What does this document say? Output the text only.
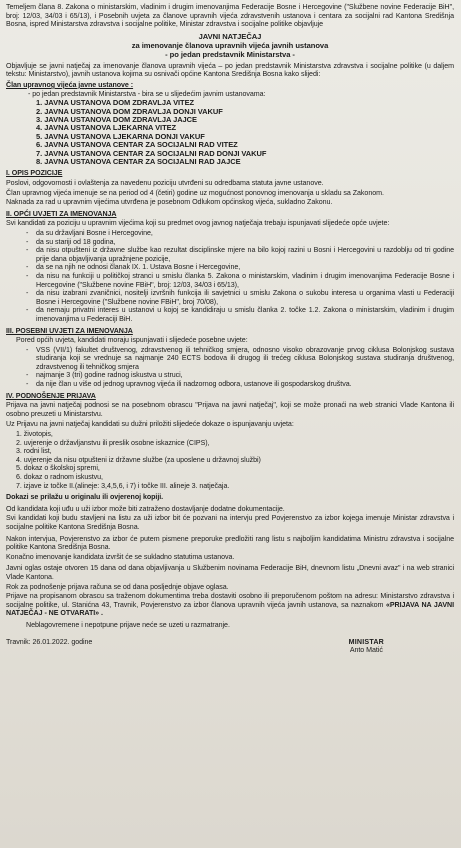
Temeljem člana 8. Zakona o ministarskim, vladinim i drugim imenovanjima Federacije Bosne i Hercegovine ("Službene novine Federacije BiH", broj: 12/03, 34/03 i 65/13), i Posebnih uvjeta za članove upravnih vijeća zdravstvenih ustanova i centara za socijalni rad Kantona Središnja Bosna, ispred Ministarstva zdravstva i socijalne politike, Ministar zdravstva i socijalne politike objavljuje
JAVNI NATJEČAJ
za imenovanje članova upravnih vijeća javnih ustanova
- po jedan predstavnik Ministarstva -
Objavljuje se javni natječaj za imenovanje članova upravnih vijeća – po jedan predstavnik Ministarstva zdravstva i socijalne politike (u daljem tekstu: Ministarstvo), javnih ustanova kojima su osnivači općine Kantona Središnja Bosna kako slijedi:
Član upravnog vijeća javne ustanove :
- po jedan predstavnik Ministarstva - bira se u slijedećim javnim ustanovama:
1. JAVNA USTANOVA DOM ZDRAVLJA VITEZ
2. JAVNA USTANOVA DOM ZDRAVLJA DONJI VAKUF
3. JAVNA USTANOVA DOM ZDRAVLJA JAJCE
4. JAVNA USTANOVA LJEKARNA VITEZ
5. JAVNA USTANOVA LJEKARNA DONJI VAKUF
6. JAVNA USTANOVA CENTAR ZA SOCIJALNI RAD VITEZ
7. JAVNA USTANOVA CENTAR ZA SOCIJALNI RAD DONJI VAKUF
8. JAVNA USTANOVA CENTAR ZA SOCIJALNI RAD JAJCE
I. OPIS POZICIJE
Poslovi, odgovornosti i ovlaštenja za navedenu poziciju utvrđeni su odredbama statuta javne ustanove.
Član upravnog vijeća imenuje se na period od 4 (četiri) godine uz mogućnost ponovnog imenovanja u skladu sa Zakonom.
Naknada za rad u upravnim vijećima utvrđena je posebnom Odlukom općinskog vijeća, sukladno Zakonu.
II. OPĆI UVJETI ZA IMENOVANJA
Svi kandidati za poziciju u upravnim vijećima koji su predmet ovog javnog natječaja trebaju ispunjavati slijedeće opće uvjete:
-	da su državljani Bosne i Hercegovine,
-	da su stariji od 18 godina,
-	da nisu otpušteni iz državne službe kao rezultat disciplinske mjere na bilo kojoj razini u Bosni i Hercegovini u razdoblju od tri godine prije dana objavljivanja upražnjene pozicije,
-	da se na njih ne odnosi članak IX. 1. Ustava Bosne i Hercegovine,
-	da nisu na funkciji u političkoj stranci u smislu članka 5. Zakona o ministarskim, vladinim i drugim imenovanjima Federacije Bosne i Hercegovine ("Službene novine FBiH", broj: 12/03, 34/03 i 65/13),
-	da nisu izabrani zvaničnici, nositelji izvršnih funkcija ili savjetnici u smislu Zakona o sukobu interesa u organima vlasti u Federaciji Bosne i Hercegovine ("Službene novine FBiH", broj 70/08),
-	da nemaju privatni interes u ustanovi u kojoj se kandidiraju u smislu članka 2. točke 1.2. Zakona o ministarskim, vladinim i drugim imenovanjima u Federaciji BiH.
III. POSEBNI UVJETI ZA IMENOVANJA
Pored općih uvjeta, kandidati moraju ispunjavati i slijedeće posebne uvjete:
-	VSS (VII/1) fakultet društvenog, zdravstvenog ili tehničkog smjera, odnosno visoko obrazovanje prvog ciklusa Bolonjskog sustava studiranja koji se vrednuje sa najmanje 240 ECTS bodova ili drugog ili trećeg ciklusa Bolonjskog sustava studiranja društvenog, zdravstvenog ili tehničkog smjera
-	najmanje 3 (tri) godine radnog iskustva u struci,
-	da nije član u više od jednog upravnog vijeća ili nadzornog odbora, ustanove ili gospodarskog društva.
IV. PODNOŠENJE PRIJAVA
Prijava na javni natječaj podnosi se na posebnom obrascu "Prijava na javni natječaj", koji se može pronaći na web stranici Vlade Kantona ili osobno preuzeti u Ministarstvu.
Uz Prijavu na javni natječaj kandidati su dužni priložiti slijedeće dokaze o ispunjavanju uvjeta:
1. životopis,
2. uvjerenje o državljanstvu ili preslik osobne iskaznice (CIPS),
3. rodni list,
4. uvjerenje da nisu otpušteni iz državne službe (za uposlene u državnoj službi)
5. dokaz o školskoj spremi,
6. dokaz o radnom iskustvu,
7. izjave iz točke II.(alineje: 3,4,5,6, i 7) i točke III. alineje 3. natječaja.
Dokazi se prilažu u originalu ili ovjerenoj kopiji.
Od kandidata koji uđu u uži izbor može biti zatraženo dostavljanje dodatne dokumentacije.
Svi kandidati koji budu stavljeni na listu za uži izbor bit će pozvani na intervju pred Povjerenstvo za izbor kojega imenuje Ministar zdravstva i socijalne politike Kantona Središnja Bosna.
Nakon intervjua, Povjerenstvo za izbor će putem pismene preporuke predložiti rang listu s najboljim kandidatima Ministru zdravstva i socijalne politike Kantona Središnja Bosna.
Konačno imenovanje kandidata izvršit će se sukladno statutima ustanova.
Javni oglas ostaje otvoren 15 dana od dana objavljivanja u Službenim novinama Federacije BiH, dnevnom listu „Dnevni avaz" i na web stranici Vlade Kantona.
Rok za podnošenje prijava računa se od dana posljednje objave oglasa.
Prijave na propisanom obrascu sa traženom dokumentima treba dostaviti osobno ili preporučenom poštom na adresu: Ministarstvo zdravstva i socijalne politike, ul. Stanićna 43, Travnik, Povjerenstvo za izbor članova upravnih vijeća javnih ustanova, sa naznakom «PRIJAVA NA JAVNI NATJEČAJ - NE OTVARATI» .
Neblagovremene i nepotpune prijave neće se uzeti u razmatranje.
Travnik: 26.01.2022. godine	MINISTAR
Anto Matić
